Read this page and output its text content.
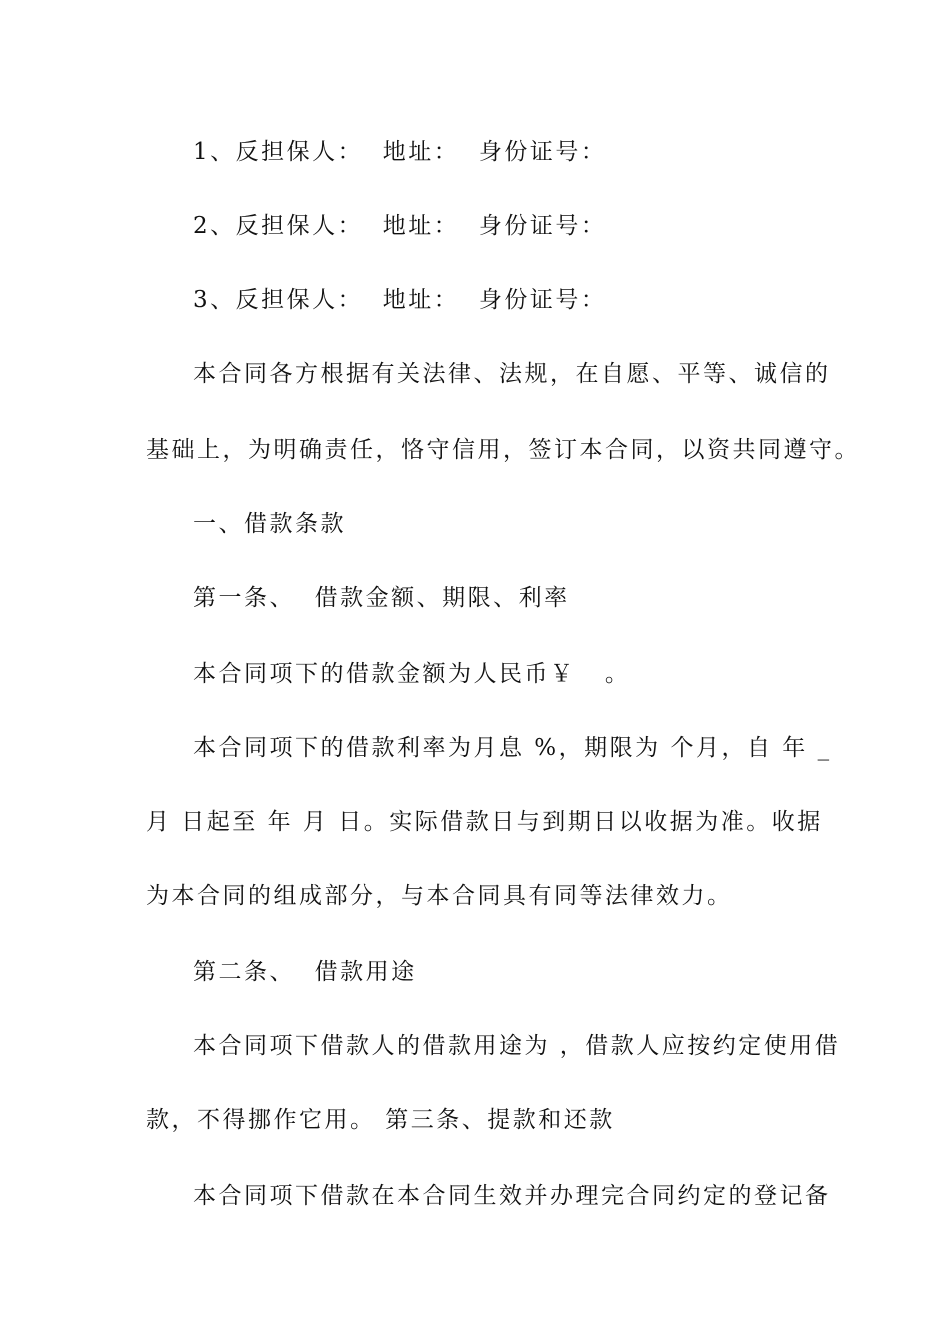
1、反担保人：  地址：  身份证号：
2、反担保人：  地址：  身份证号：
3、反担保人：  地址：  身份证号：
本合同各方根据有关法律、法规，在自愿、平等、诚信的
基础上，为明确责任，恪守信用，签订本合同，以资共同遵守。
一、借款条款
第一条、  借款金额、期限、利率
本合同项下的借款金额为人民币￥   。
本合同项下的借款利率为月息 %，期限为 个月，自 年 _
月 日起至 年 月 日。实际借款日与到期日以收据为准。收据
为本合同的组成部分，与本合同具有同等法律效力。
第二条、  借款用途
本合同项下借款人的借款用途为 ，借款人应按约定使用借
款，不得挪作它用。 第三条、提款和还款
本合同项下借款在本合同生效并办理完合同约定的登记备
